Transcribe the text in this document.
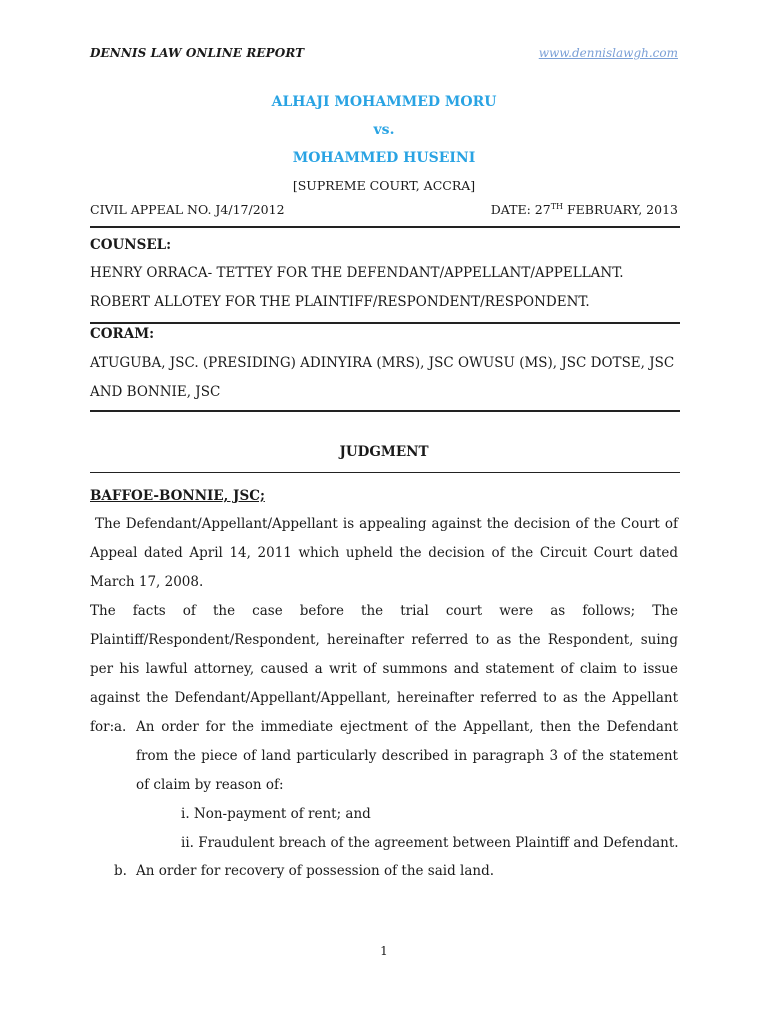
DENNIS LAW ONLINE REPORT	www.dennislawgh.com
ALHAJI MOHAMMED MORU
vs.
MOHAMMED HUSEINI
[SUPREME COURT, ACCRA]
CIVIL APPEAL NO. J4/17/2012	DATE: 27TH FEBRUARY, 2013
COUNSEL:
HENRY ORRACA- TETTEY FOR THE DEFENDANT/APPELLANT/APPELLANT.
ROBERT ALLOTEY FOR THE PLAINTIFF/RESPONDENT/RESPONDENT.
CORAM:
ATUGUBA, JSC. (PRESIDING) ADINYIRA (MRS), JSC OWUSU (MS), JSC DOTSE, JSC
AND BONNIE, JSC
JUDGMENT
BAFFOE-BONNIE, JSC;
The Defendant/Appellant/Appellant is appealing against the decision of the Court of Appeal dated April 14, 2011 which upheld the decision of the Circuit Court dated March 17, 2008.
The facts of the case before the trial court were as follows; The Plaintiff/Respondent/Respondent, hereinafter referred to as the Respondent, suing per his lawful attorney, caused a writ of summons and statement of claim to issue against the Defendant/Appellant/Appellant, hereinafter referred to as the Appellant for: a. An order for the immediate ejectment of the Appellant, then the Defendant from the piece of land particularly described in paragraph 3 of the statement of claim by reason of:
i. Non-payment of rent; and
ii. Fraudulent breach of the agreement between Plaintiff and Defendant.
b. An order for recovery of possession of the said land.
1
